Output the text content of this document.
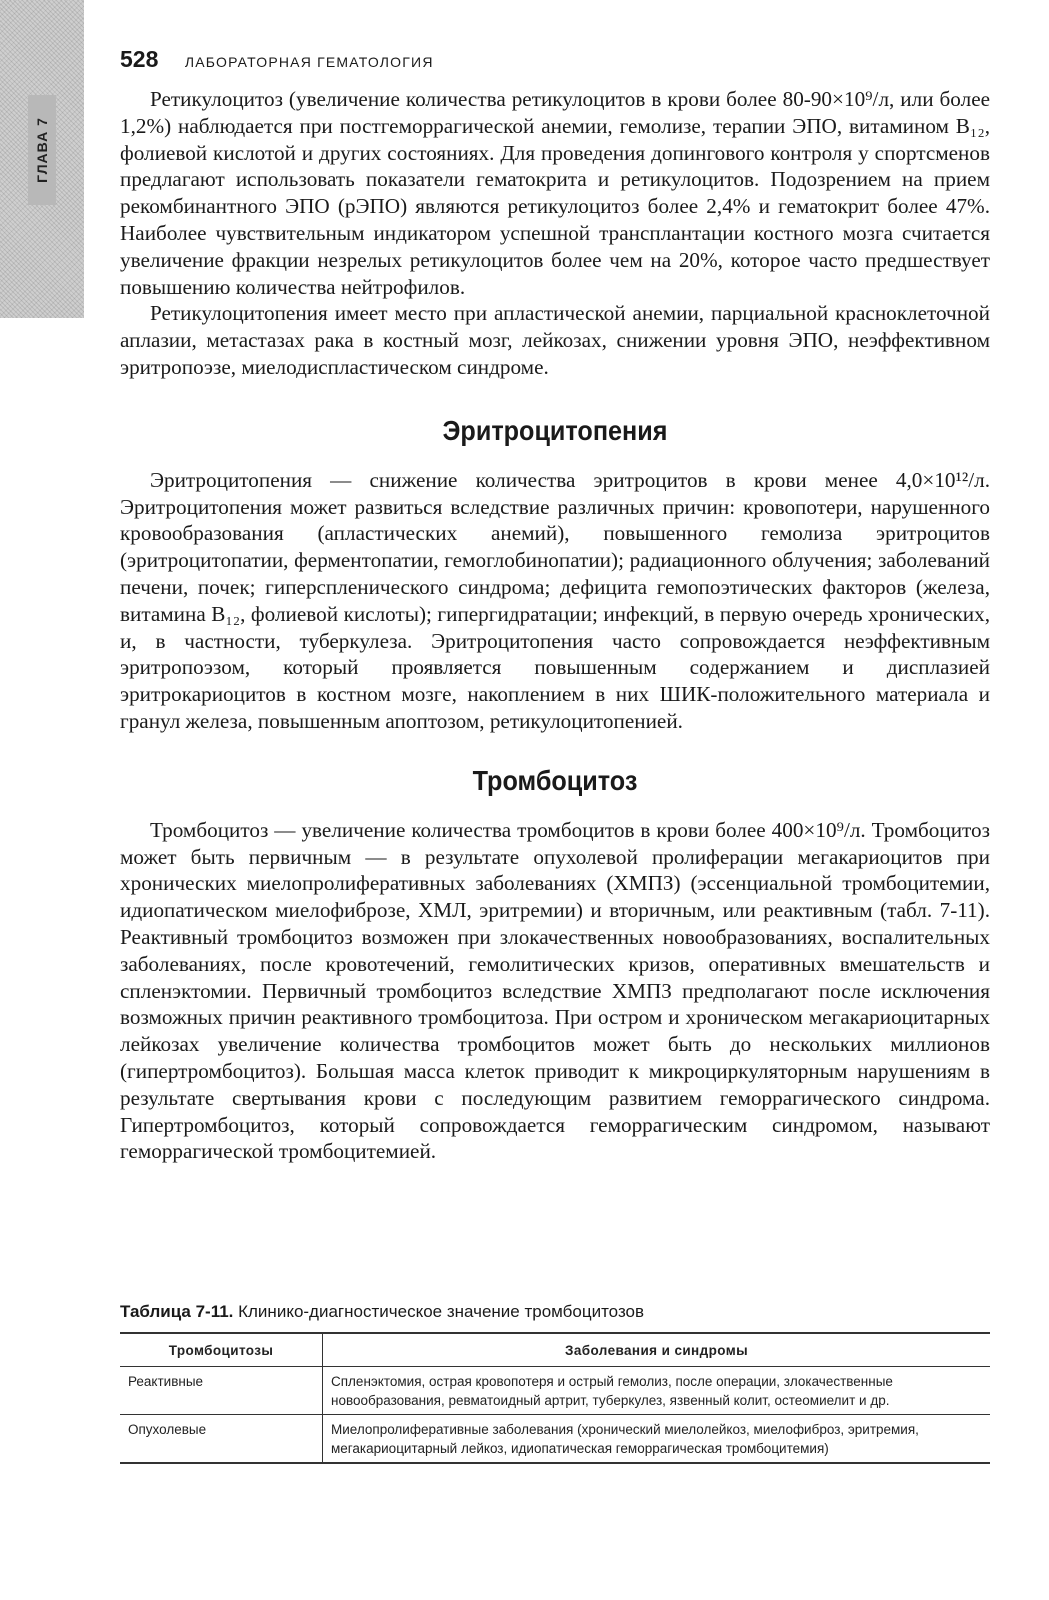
ГЛАВА 7
528 ЛАБОРАТОРНАЯ ГЕМАТОЛОГИЯ

Ретикулоцитоз (увеличение количества ретикулоцитов в крови более 80-90×10⁹/л, или более 1,2%) наблюдается при постгеморрагической анемии, гемолизе, терапии ЭПО, витамином B₁₂, фолиевой кислотой и других состояниях. Для проведения допингового контроля у спортсменов предлагают использовать показатели гематокрита и ретикулоцитов. Подозрением на прием рекомбинантного ЭПО (рЭПО) являются ретикулоцитоз более 2,4% и гематокрит более 47%. Наиболее чувствительным индикатором успешной трансплантации костного мозга считается увеличение фракции незрелых ретикулоцитов более чем на 20%, которое часто предшествует повышению количества нейтрофилов.

Ретикулоцитопения имеет место при апластической анемии, парциальной красноклеточной аплазии, метастазах рака в костный мозг, лейкозах, снижении уровня ЭПО, неэффективном эритропоэзе, миелодиспластическом синдроме.

Эритроцитопения

Эритроцитопения — снижение количества эритроцитов в крови менее 4,0×10¹²/л. Эритроцитопения может развиться вследствие различных причин: кровопотери, нарушенного кровообразования (апластических анемий), повышенного гемолиза эритроцитов (эритроцитопатии, ферментопатии, гемоглобинопатии); радиационного облучения; заболеваний печени, почек; гиперспленического синдрома; дефицита гемопоэтических факторов (железа, витамина B₁₂, фолиевой кислоты); гипергидратации; инфекций, в первую очередь хронических, и, в частности, туберкулеза. Эритроцитопения часто сопровождается неэффективным эритропоэзом, который проявляется повышенным содержанием и дисплазией эритрокариоцитов в костном мозге, накоплением в них ШИК-положительного материала и гранул железа, повышенным апоптозом, ретикулоцитопенией.

Тромбоцитоз

Тромбоцитоз — увеличение количества тромбоцитов в крови более 400×10⁹/л. Тромбоцитоз может быть первичным — в результате опухолевой пролиферации мегакариоцитов при хронических миелопролиферативных заболеваниях (ХМПЗ) (эссенциальной тромбоцитемии, идиопатическом миелофиброзе, ХМЛ, эритремии) и вторичным, или реактивным (табл. 7-11). Реактивный тромбоцитоз возможен при злокачественных новообразованиях, воспалительных заболеваниях, после кровотечений, гемолитических кризов, оперативных вмешательств и спленэктомии. Первичный тромбоцитоз вследствие ХМПЗ предполагают после исключения возможных причин реактивного тромбоцитоза. При остром и хроническом мегакариоцитарных лейкозах увеличение количества тромбоцитов может быть до нескольких миллионов (гипертромбоцитоз). Большая масса клеток приводит к микроциркуляторным нарушениям в результате свертывания крови с последующим развитием геморрагического синдрома. Гипертромбоцитоз, который сопровождается геморрагическим синдромом, называют геморрагической тромбоцитемией.

Таблица 7-11. Клинико-диагностическое значение тромбоцитозов
Тромбоцитозы	Заболевания и синдромы
Реактивные	Спленэктомия, острая кровопотеря и острый гемолиз, после операции, злокачественные новообразования, ревматоидный артрит, туберкулез, язвенный колит, остеомиелит и др.
Опухолевые	Миелопролиферативные заболевания (хронический миелолейкоз, миелофиброз, эритремия, мегакариоцитарный лейкоз, идиопатическая геморрагическая тромбоцитемия)
